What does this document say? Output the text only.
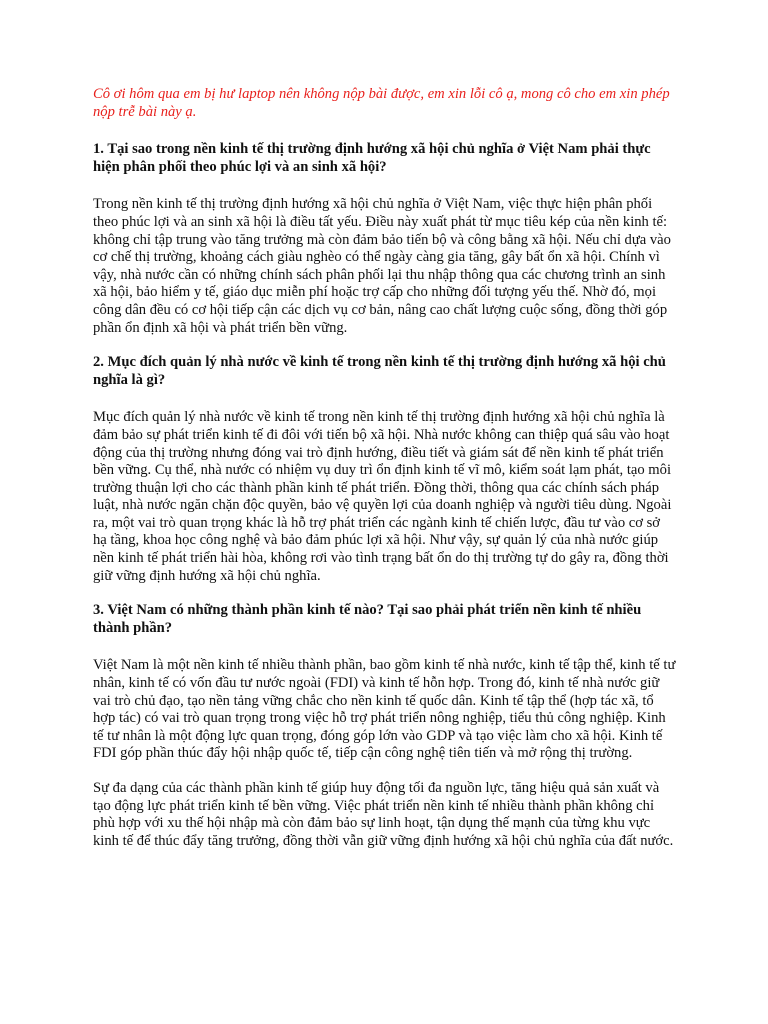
Cô ơi hôm qua em bị hư laptop nên không nộp bài được, em xin lỗi cô ạ, mong cô cho em xin phép nộp trễ bài này ạ.

1. Tại sao trong nền kinh tế thị trường định hướng xã hội chủ nghĩa ở Việt Nam phải thực hiện phân phối theo phúc lợi và an sinh xã hội?

Trong nền kinh tế thị trường định hướng xã hội chủ nghĩa ở Việt Nam, việc thực hiện phân phối theo phúc lợi và an sinh xã hội là điều tất yếu. Điều này xuất phát từ mục tiêu kép của nền kinh tế: không chỉ tập trung vào tăng trưởng mà còn đảm bảo tiến bộ và công bằng xã hội. Nếu chỉ dựa vào cơ chế thị trường, khoảng cách giàu nghèo có thể ngày càng gia tăng, gây bất ổn xã hội. Chính vì vậy, nhà nước cần có những chính sách phân phối lại thu nhập thông qua các chương trình an sinh xã hội, bảo hiểm y tế, giáo dục miễn phí hoặc trợ cấp cho những đối tượng yếu thế. Nhờ đó, mọi công dân đều có cơ hội tiếp cận các dịch vụ cơ bản, nâng cao chất lượng cuộc sống, đồng thời góp phần ổn định xã hội và phát triển bền vững.

2. Mục đích quản lý nhà nước về kinh tế trong nền kinh tế thị trường định hướng xã hội chủ nghĩa là gì?

Mục đích quản lý nhà nước về kinh tế trong nền kinh tế thị trường định hướng xã hội chủ nghĩa là đảm bảo sự phát triển kinh tế đi đôi với tiến bộ xã hội. Nhà nước không can thiệp quá sâu vào hoạt động của thị trường nhưng đóng vai trò định hướng, điều tiết và giám sát để nền kinh tế phát triển bền vững. Cụ thể, nhà nước có nhiệm vụ duy trì ổn định kinh tế vĩ mô, kiểm soát lạm phát, tạo môi trường thuận lợi cho các thành phần kinh tế phát triển. Đồng thời, thông qua các chính sách pháp luật, nhà nước ngăn chặn độc quyền, bảo vệ quyền lợi của doanh nghiệp và người tiêu dùng. Ngoài ra, một vai trò quan trọng khác là hỗ trợ phát triển các ngành kinh tế chiến lược, đầu tư vào cơ sở hạ tầng, khoa học công nghệ và bảo đảm phúc lợi xã hội. Như vậy, sự quản lý của nhà nước giúp nền kinh tế phát triển hài hòa, không rơi vào tình trạng bất ổn do thị trường tự do gây ra, đồng thời giữ vững định hướng xã hội chủ nghĩa.

3. Việt Nam có những thành phần kinh tế nào? Tại sao phải phát triển nền kinh tế nhiều thành phần?

Việt Nam là một nền kinh tế nhiều thành phần, bao gồm kinh tế nhà nước, kinh tế tập thể, kinh tế tư nhân, kinh tế có vốn đầu tư nước ngoài (FDI) và kinh tế hỗn hợp. Trong đó, kinh tế nhà nước giữ vai trò chủ đạo, tạo nền tảng vững chắc cho nền kinh tế quốc dân. Kinh tế tập thể (hợp tác xã, tổ hợp tác) có vai trò quan trọng trong việc hỗ trợ phát triển nông nghiệp, tiểu thủ công nghiệp. Kinh tế tư nhân là một động lực quan trọng, đóng góp lớn vào GDP và tạo việc làm cho xã hội. Kinh tế FDI góp phần thúc đẩy hội nhập quốc tế, tiếp cận công nghệ tiên tiến và mở rộng thị trường.

Sự đa dạng của các thành phần kinh tế giúp huy động tối đa nguồn lực, tăng hiệu quả sản xuất và tạo động lực phát triển kinh tế bền vững. Việc phát triển nền kinh tế nhiều thành phần không chỉ phù hợp với xu thế hội nhập mà còn đảm bảo sự linh hoạt, tận dụng thế mạnh của từng khu vực kinh tế để thúc đẩy tăng trưởng, đồng thời vẫn giữ vững định hướng xã hội chủ nghĩa của đất nước.
